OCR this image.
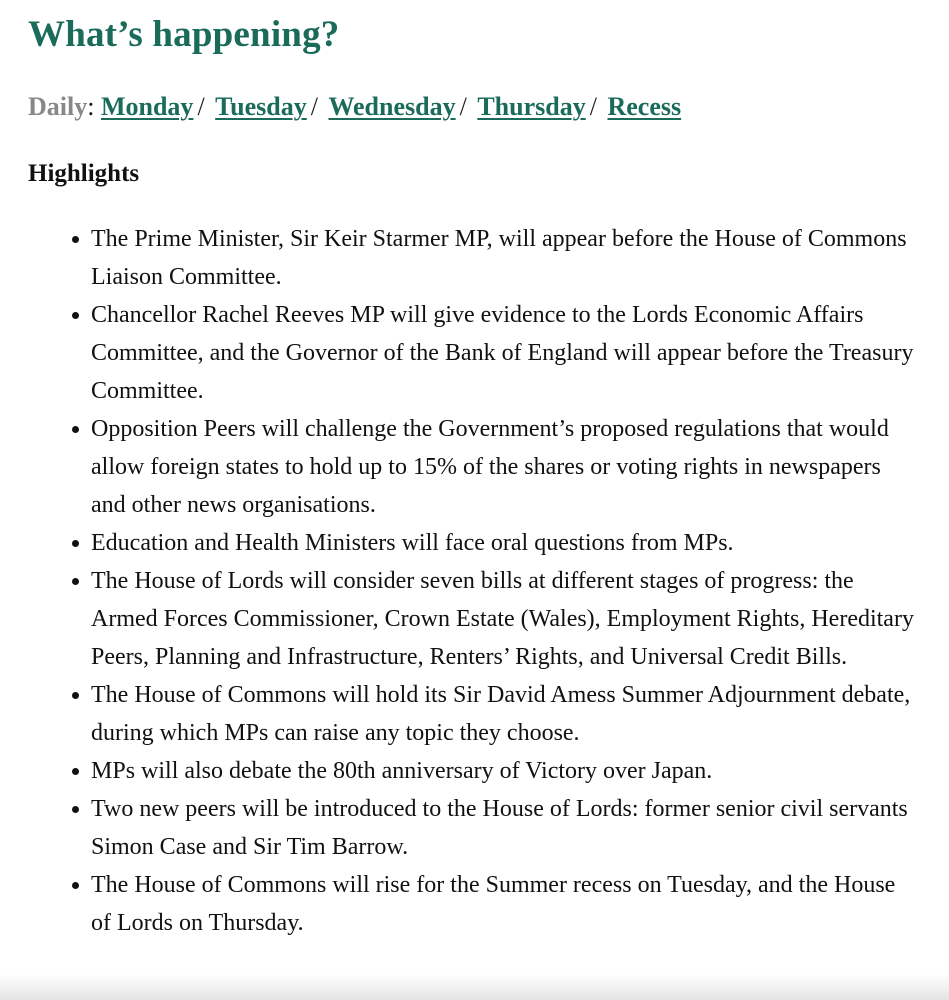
What’s happening?
Daily: Monday / Tuesday / Wednesday / Thursday / Recess
Highlights
The Prime Minister, Sir Keir Starmer MP, will appear before the House of Commons Liaison Committee.
Chancellor Rachel Reeves MP will give evidence to the Lords Economic Affairs Committee, and the Governor of the Bank of England will appear before the Treasury Committee.
Opposition Peers will challenge the Government’s proposed regulations that would allow foreign states to hold up to 15% of the shares or voting rights in newspapers and other news organisations.
Education and Health Ministers will face oral questions from MPs.
The House of Lords will consider seven bills at different stages of progress: the Armed Forces Commissioner, Crown Estate (Wales), Employment Rights, Hereditary Peers, Planning and Infrastructure, Renters’ Rights, and Universal Credit Bills.
The House of Commons will hold its Sir David Amess Summer Adjournment debate, during which MPs can raise any topic they choose.
MPs will also debate the 80th anniversary of Victory over Japan.
Two new peers will be introduced to the House of Lords: former senior civil servants Simon Case and Sir Tim Barrow.
The House of Commons will rise for the Summer recess on Tuesday, and the House of Lords on Thursday.
